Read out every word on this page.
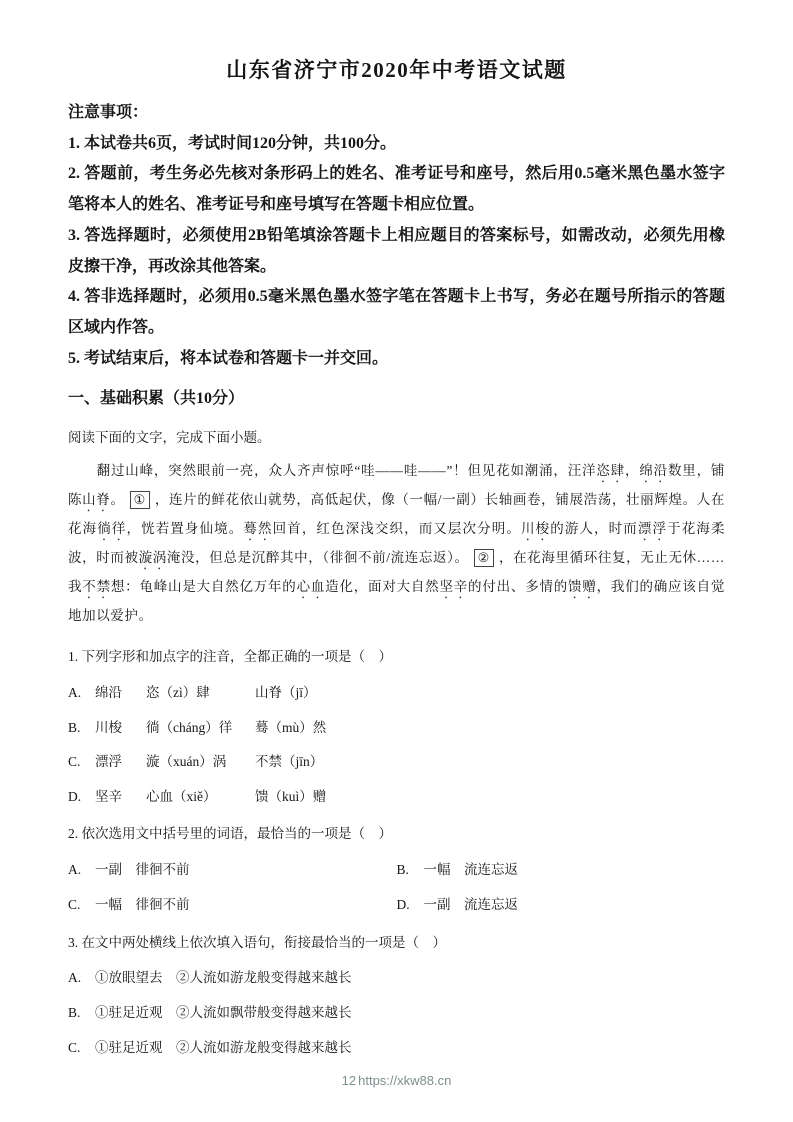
山东省济宁市2020年中考语文试题

注意事项：

1. 本试卷共6页，考试时间120分钟，共100分。

2. 答题前，考生务必先核对条形码上的姓名、准考证号和座号，然后用0.5毫米黑色墨水签字笔将本人的姓名、准考证号和座号填写在答题卡相应位置。

3. 答选择题时，必须使用2B铅笔填涂答题卡上相应题目的答案标号，如需改动，必须先用橡皮擦干净，再改涂其他答案。

4. 答非选择题时，必须用0.5毫米黑色墨水签字笔在答题卡上书写，务必在题号所指示的答题区域内作答。

5. 考试结束后，将本试卷和答题卡一并交回。

一、基础积累（共10分）

阅读下面的文字，完成下面小题。

　　翻过山峰，突然眼前一亮，众人齐声惊呼“哇——哇——”！但见花如潮涌，汪洋恣肆，绵沿数里，铺陈山脊。 ① ，连片的鲜花依山就势，高低起伏，像（一幅/一副）长轴画卷，铺展浩荡，壮丽辉煌。人在花海徜徉，恍若置身仙境。蓦然回首，红色深浅交织，而又层次分明。川梭的游人，时而漂浮于花海柔波，时而被漩涡淹没，但总是沉醉其中，（徘徊不前/流连忘返）。 ② ，在花海里循环往复，无止无休……我不禁想：龟峰山是大自然亿万年的心血造化，面对大自然坚辛的付出、多情的馈赠，我们的确应该自觉地加以爱护。

1. 下列字形和加点字的注音，全都正确的一项是（　）

A.	绵沿	恣（zì）肆	山脊（jī）
B.	川梭	徜（cháng）徉	蓦（mù）然
C.	漂浮	漩（xuán）涡	不禁（jīn）
D.	坚辛	心血（xiě）	馈（kuì）赠

2. 依次选用文中括号里的词语，最恰当的一项是（　）

A.	一副　徘徊不前	B.	一幅　流连忘返
C.	一幅　徘徊不前	D.	一副　流连忘返

3. 在文中两处横线上依次填入语句，衔接最恰当的一项是（　）

A.	①放眼望去　②人流如游龙般变得越来越长
B.	①驻足近观　②人流如飘带般变得越来越长
C.	①驻足近观　②人流如游龙般变得越来越长
12 https://xkw88.cn
